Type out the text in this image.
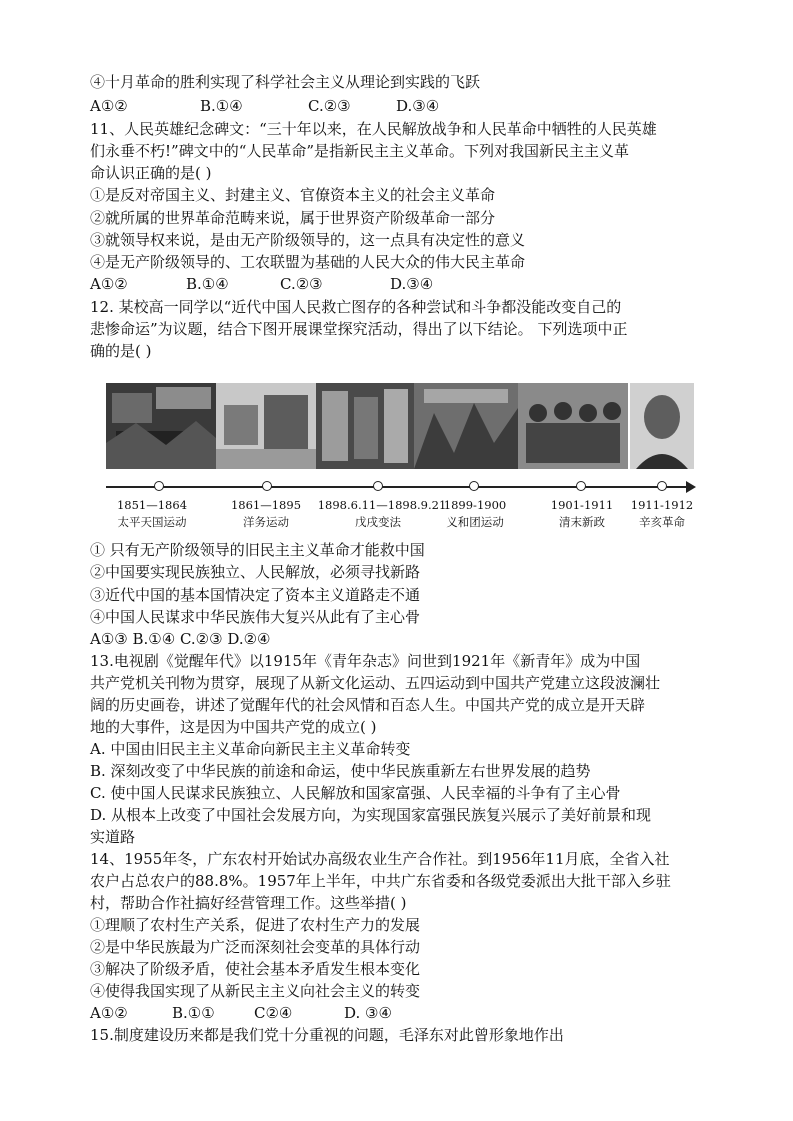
④十月革命的胜利实现了科学社会主义从理论到实践的飞跃
A①②	B.①④	C.②③	D.③④
11、人民英雄纪念碑文：“三十年以来，在人民解放战争和人民革命中牺牲的人民英雄
们永垂不朽!”碑文中的“人民革命”是指新民主主义革命。下列对我国新民主主义革
命认识正确的是( )
①是反对帝国主义、封建主义、官僚资本主义的社会主义革命
②就所属的世界革命范畴来说，属于世界资产阶级革命一部分
③就领导权来说，是由无产阶级领导的，这一点具有决定性的意义
④是无产阶级领导的、工农联盟为基础的人民大众的伟大民主革命
A①②	B.①④	C.②③	D.③④
12. 某校高一同学以“近代中国人民救亡图存的各种尝试和斗争都没能改变自己的
悲惨命运”为议题，结合下图开展课堂探究活动，得出了以下结论。 下列选项中正
确的是( )
1851—1864
太平天国运动
1861—1895
洋务运动
1898.6.11—1898.9.21
戊戌变法
1899-1900
义和团运动
1901-1911
清末新政
1911-1912
辛亥革命
① 只有无产阶级领导的旧民主主义革命才能救中国
②中国要实现民族独立、人民解放，必须寻找新路
③近代中国的基本国情决定了资本主义道路走不通
④中国人民谋求中华民族伟大复兴从此有了主心骨
A①③ B.①④ C.②③ D.②④
13.电视剧《觉醒年代》以1915年《青年杂志》问世到1921年《新青年》成为中国
共产党机关刊物为贯穿，展现了从新文化运动、五四运动到中国共产党建立这段波澜壮
阔的历史画卷，讲述了觉醒年代的社会风情和百态人生。中国共产党的成立是开天辟
地的大事件，这是因为中国共产党的成立( )
A. 中国由旧民主主义革命向新民主主义革命转变
B. 深刻改变了中华民族的前途和命运，使中华民族重新左右世界发展的趋势
C. 使中国人民谋求民族独立、人民解放和国家富强、人民幸福的斗争有了主心骨
D. 从根本上改变了中国社会发展方向，为实现国家富强民族复兴展示了美好前景和现
实道路
14、1955年冬，广东农村开始试办高级农业生产合作社。到1956年11月底，全省入社
农户占总农户的88.8%。1957年上半年，中共广东省委和各级党委派出大批干部入乡驻
村，帮助合作社搞好经营管理工作。这些举措( )
①理顺了农村生产关系，促进了农村生产力的发展
②是中华民族最为广泛而深刻社会变革的具体行动
③解决了阶级矛盾，使社会基本矛盾发生根本变化
④使得我国实现了从新民主主义向社会主义的转变
A①②	B.①①	C②④	D. ③④
15.制度建设历来都是我们党十分重视的问题，毛泽东对此曾形象地作出
